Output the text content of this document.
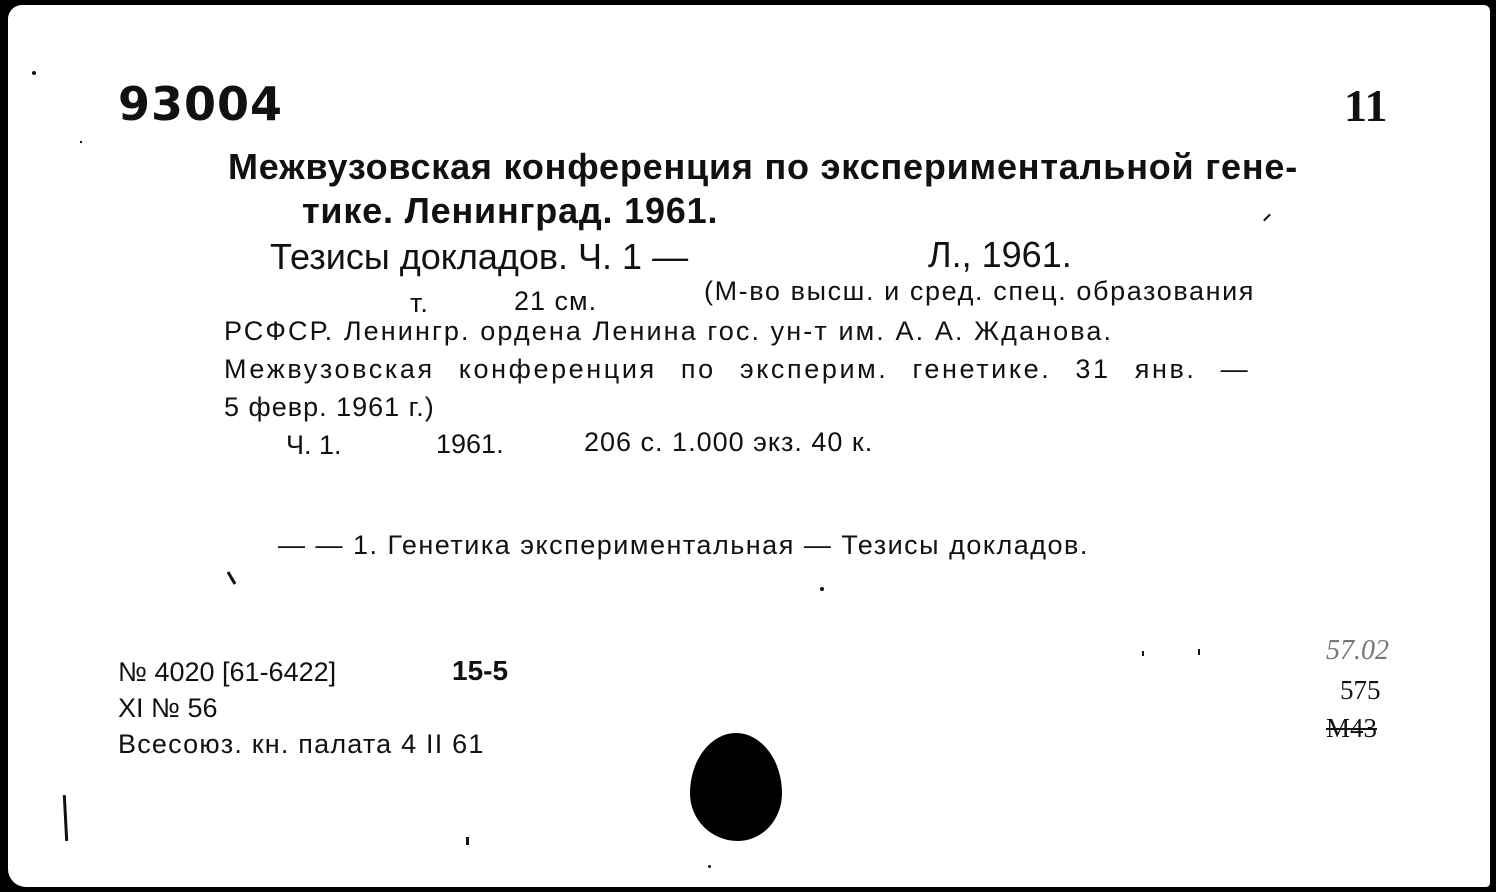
93004	11
Межвузовская конференция по экспериментальной гене-
тике. Ленинград. 1961.
Тезисы докладов. Ч. 1 —	Л., 1961.
т.	21 см.	(М-во высш. и сред. спец. образования
РСФСР. Ленингр. ордена Ленина гос. ун-т им. А. А. Жданова.
Межвузовская конференция по эксперим. генетике. 31 янв. —
5 февр. 1961 г.)
Ч. 1.	1961.	206 с. 1.000 экз. 40 к.
— — 1. Генетика экспериментальная — Тезисы докладов.
№ 4020 [61-6422]	15-5
XI № 56
Всесоюз. кн. палата 4 II 61
57.02
575
М43
